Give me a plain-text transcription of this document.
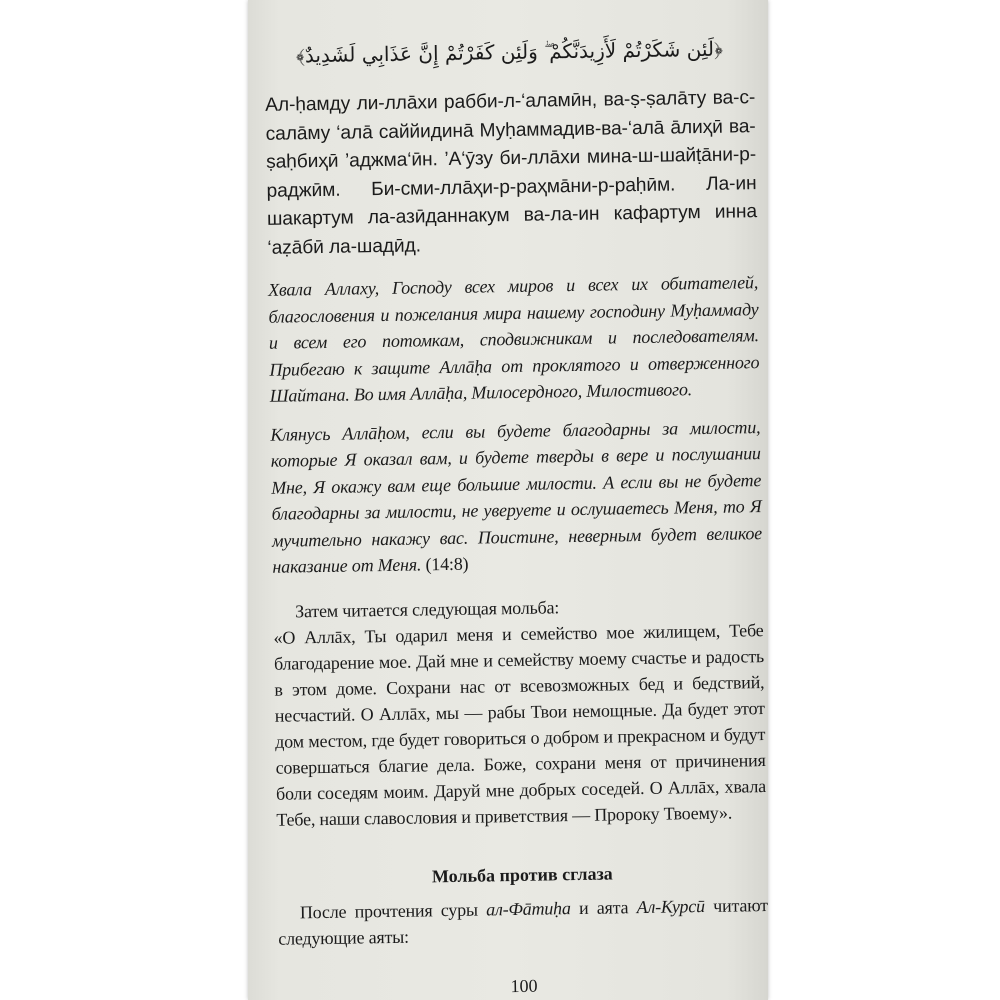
﴿لَئِن شَكَرْتُمْ لَأَزِيدَنَّكُمْ ۖ وَلَئِن كَفَرْتُمْ إِنَّ عَذَابِي لَشَدِيدٌ﴾

Ал-ḥамду ли-ллāхи рабби-л-‘аламӣн, ва-ṣ-ṣалāту ва-с-салāму ‘алā саййидинā Муḥаммадив-ва-‘алā āлиҳӣ ва-ṣаḥбиҳӣ ’аджма‘ӣн. ’А‘ӯзу би-ллāхи мина-ш-шайṭāни-р-раджӣм. Би-сми-ллāҳи-р-раҳмāни-р-раḥӣм. Ла-ин шакартум ла-азӣданнакум ва-ла-ин кафартум инна ‘аẓāбӣ ла-шадӣд.

Хвала Аллаху, Господу всех миров и всех их обитателей, благословения и пожелания мира нашему господину Муḥаммаду и всем его потомкам, сподвижникам и последователям. Прибегаю к защите Аллāḥа от проклятого и отверженного Шайтана. Во имя Аллāḥа, Милосердного, Милостивого.

Клянусь Аллāḥом, если вы будете благодарны за милости, которые Я оказал вам, и будете тверды в вере и послушании Мне, Я окажу вам еще большие милости. А если вы не будете благодарны за милости, не уверуете и ослушаетесь Меня, то Я мучительно накажу вас. Поистине, неверным будет великое наказание от Меня. (14:8)

Затем читается следующая мольба:

«О Аллāх, Ты одарил меня и семейство мое жилищем, Тебе благодарение мое. Дай мне и семейству моему счастье и радость в этом доме. Сохрани нас от всевозможных бед и бедствий, несчастий. О Аллāх, мы — рабы Твои немощные. Да будет этот дом местом, где будет говориться о добром и прекрасном и будут совершаться благие дела. Боже, сохрани меня от причинения боли соседям моим. Даруй мне добрых соседей. О Аллāх, хвала Тебе, наши славословия и приветствия — Пророку Твоему».

Мольба против сглаза

После прочтения суры ал-Фāтиḥа и аята Ал-Курсӣ читают следующие аяты:

100
